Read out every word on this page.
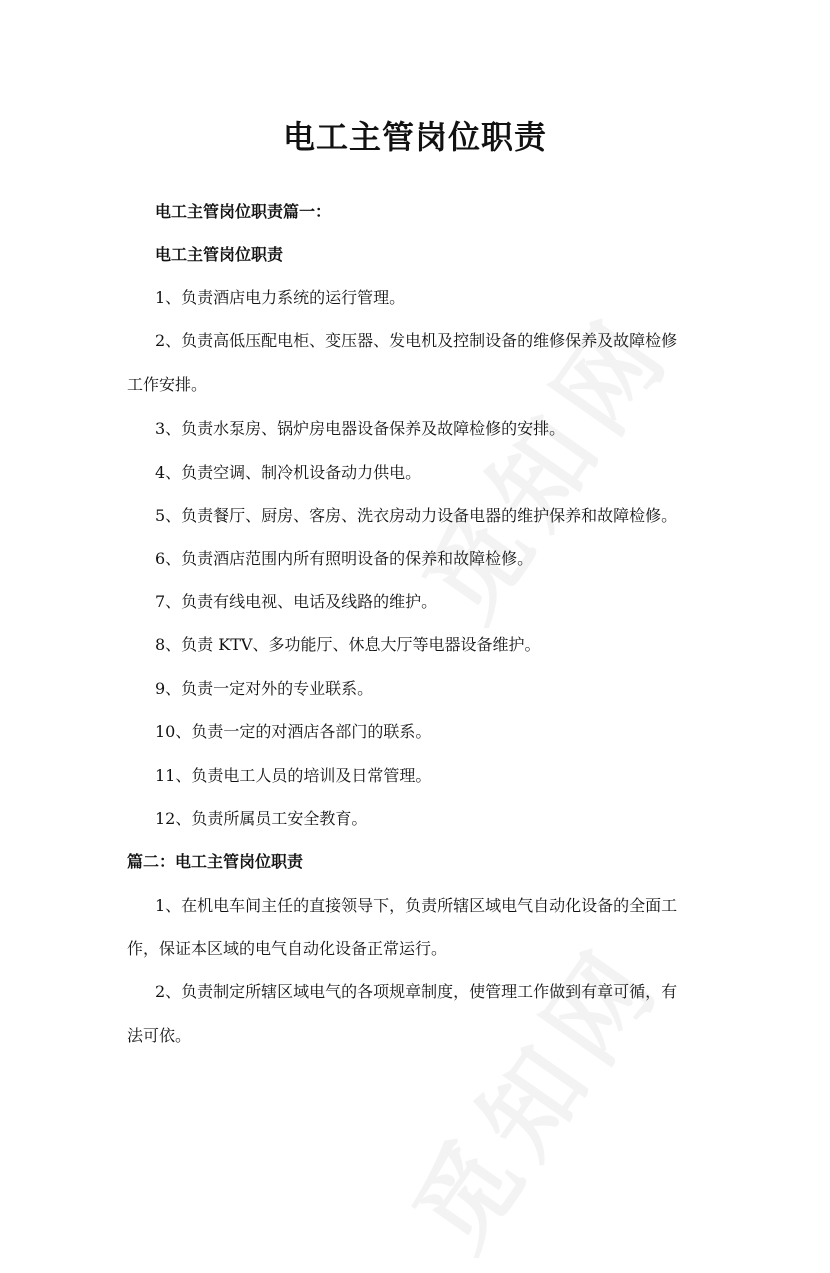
电工主管岗位职责
电工主管岗位职责篇一：
电工主管岗位职责
1、负责酒店电力系统的运行管理。
2、负责高低压配电柜、变压器、发电机及控制设备的维修保养及故障检修
工作安排。
3、负责水泵房、锅炉房电器设备保养及故障检修的安排。
4、负责空调、制冷机设备动力供电。
5、负责餐厅、厨房、客房、洗衣房动力设备电器的维护保养和故障检修。
6、负责酒店范围内所有照明设备的保养和故障检修。
7、负责有线电视、电话及线路的维护。
8、负责 KTV、多功能厅、休息大厅等电器设备维护。
9、负责一定对外的专业联系。
10、负责一定的对酒店各部门的联系。
11、负责电工人员的培训及日常管理。
12、负责所属员工安全教育。
篇二：电工主管岗位职责
1、在机电车间主任的直接领导下，负责所辖区域电气自动化设备的全面工
作，保证本区域的电气自动化设备正常运行。
2、负责制定所辖区域电气的各项规章制度，使管理工作做到有章可循，有
法可依。
